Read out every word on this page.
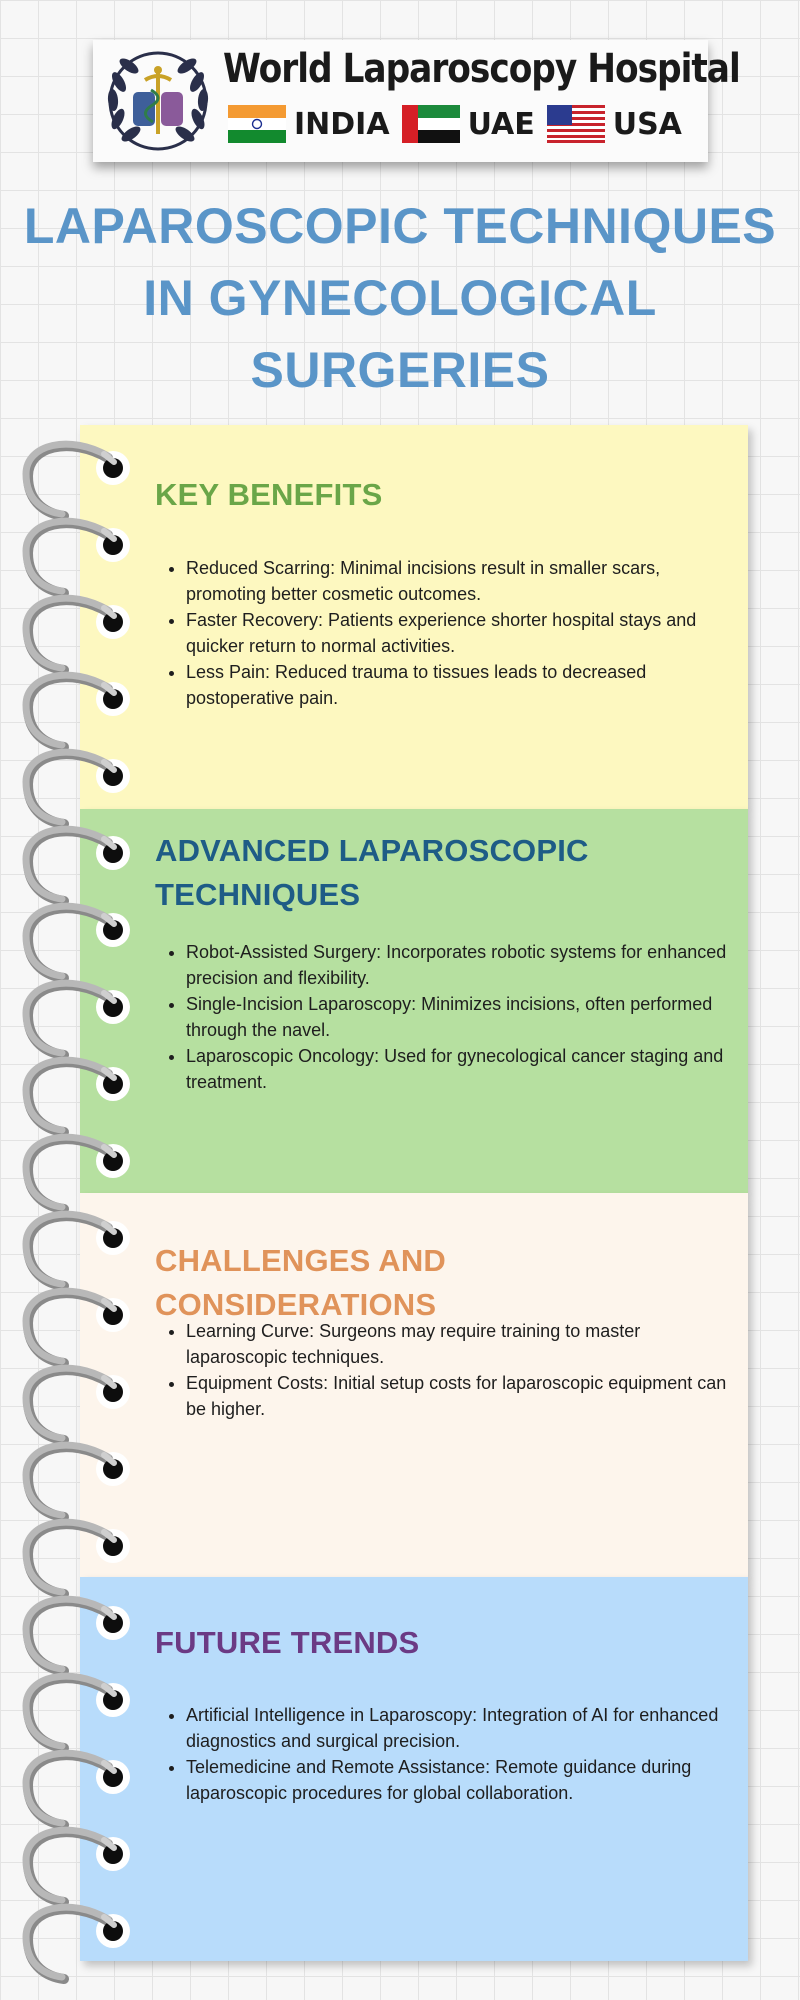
World Laparoscopy Hospital
INDIA	UAE	USA
LAPAROSCOPIC TECHNIQUES
IN GYNECOLOGICAL
SURGERIES
KEY BENEFITS
• Reduced Scarring: Minimal incisions result in smaller scars, promoting better cosmetic outcomes.
• Faster Recovery: Patients experience shorter hospital stays and quicker return to normal activities.
• Less Pain: Reduced trauma to tissues leads to decreased postoperative pain.
ADVANCED LAPAROSCOPIC TECHNIQUES
• Robot-Assisted Surgery: Incorporates robotic systems for enhanced precision and flexibility.
• Single-Incision Laparoscopy: Minimizes incisions, often performed through the navel.
• Laparoscopic Oncology: Used for gynecological cancer staging and treatment.
CHALLENGES AND CONSIDERATIONS
• Learning Curve: Surgeons may require training to master laparoscopic techniques.
• Equipment Costs: Initial setup costs for laparoscopic equipment can be higher.
FUTURE TRENDS
• Artificial Intelligence in Laparoscopy: Integration of AI for enhanced diagnostics and surgical precision.
• Telemedicine and Remote Assistance: Remote guidance during laparoscopic procedures for global collaboration.
